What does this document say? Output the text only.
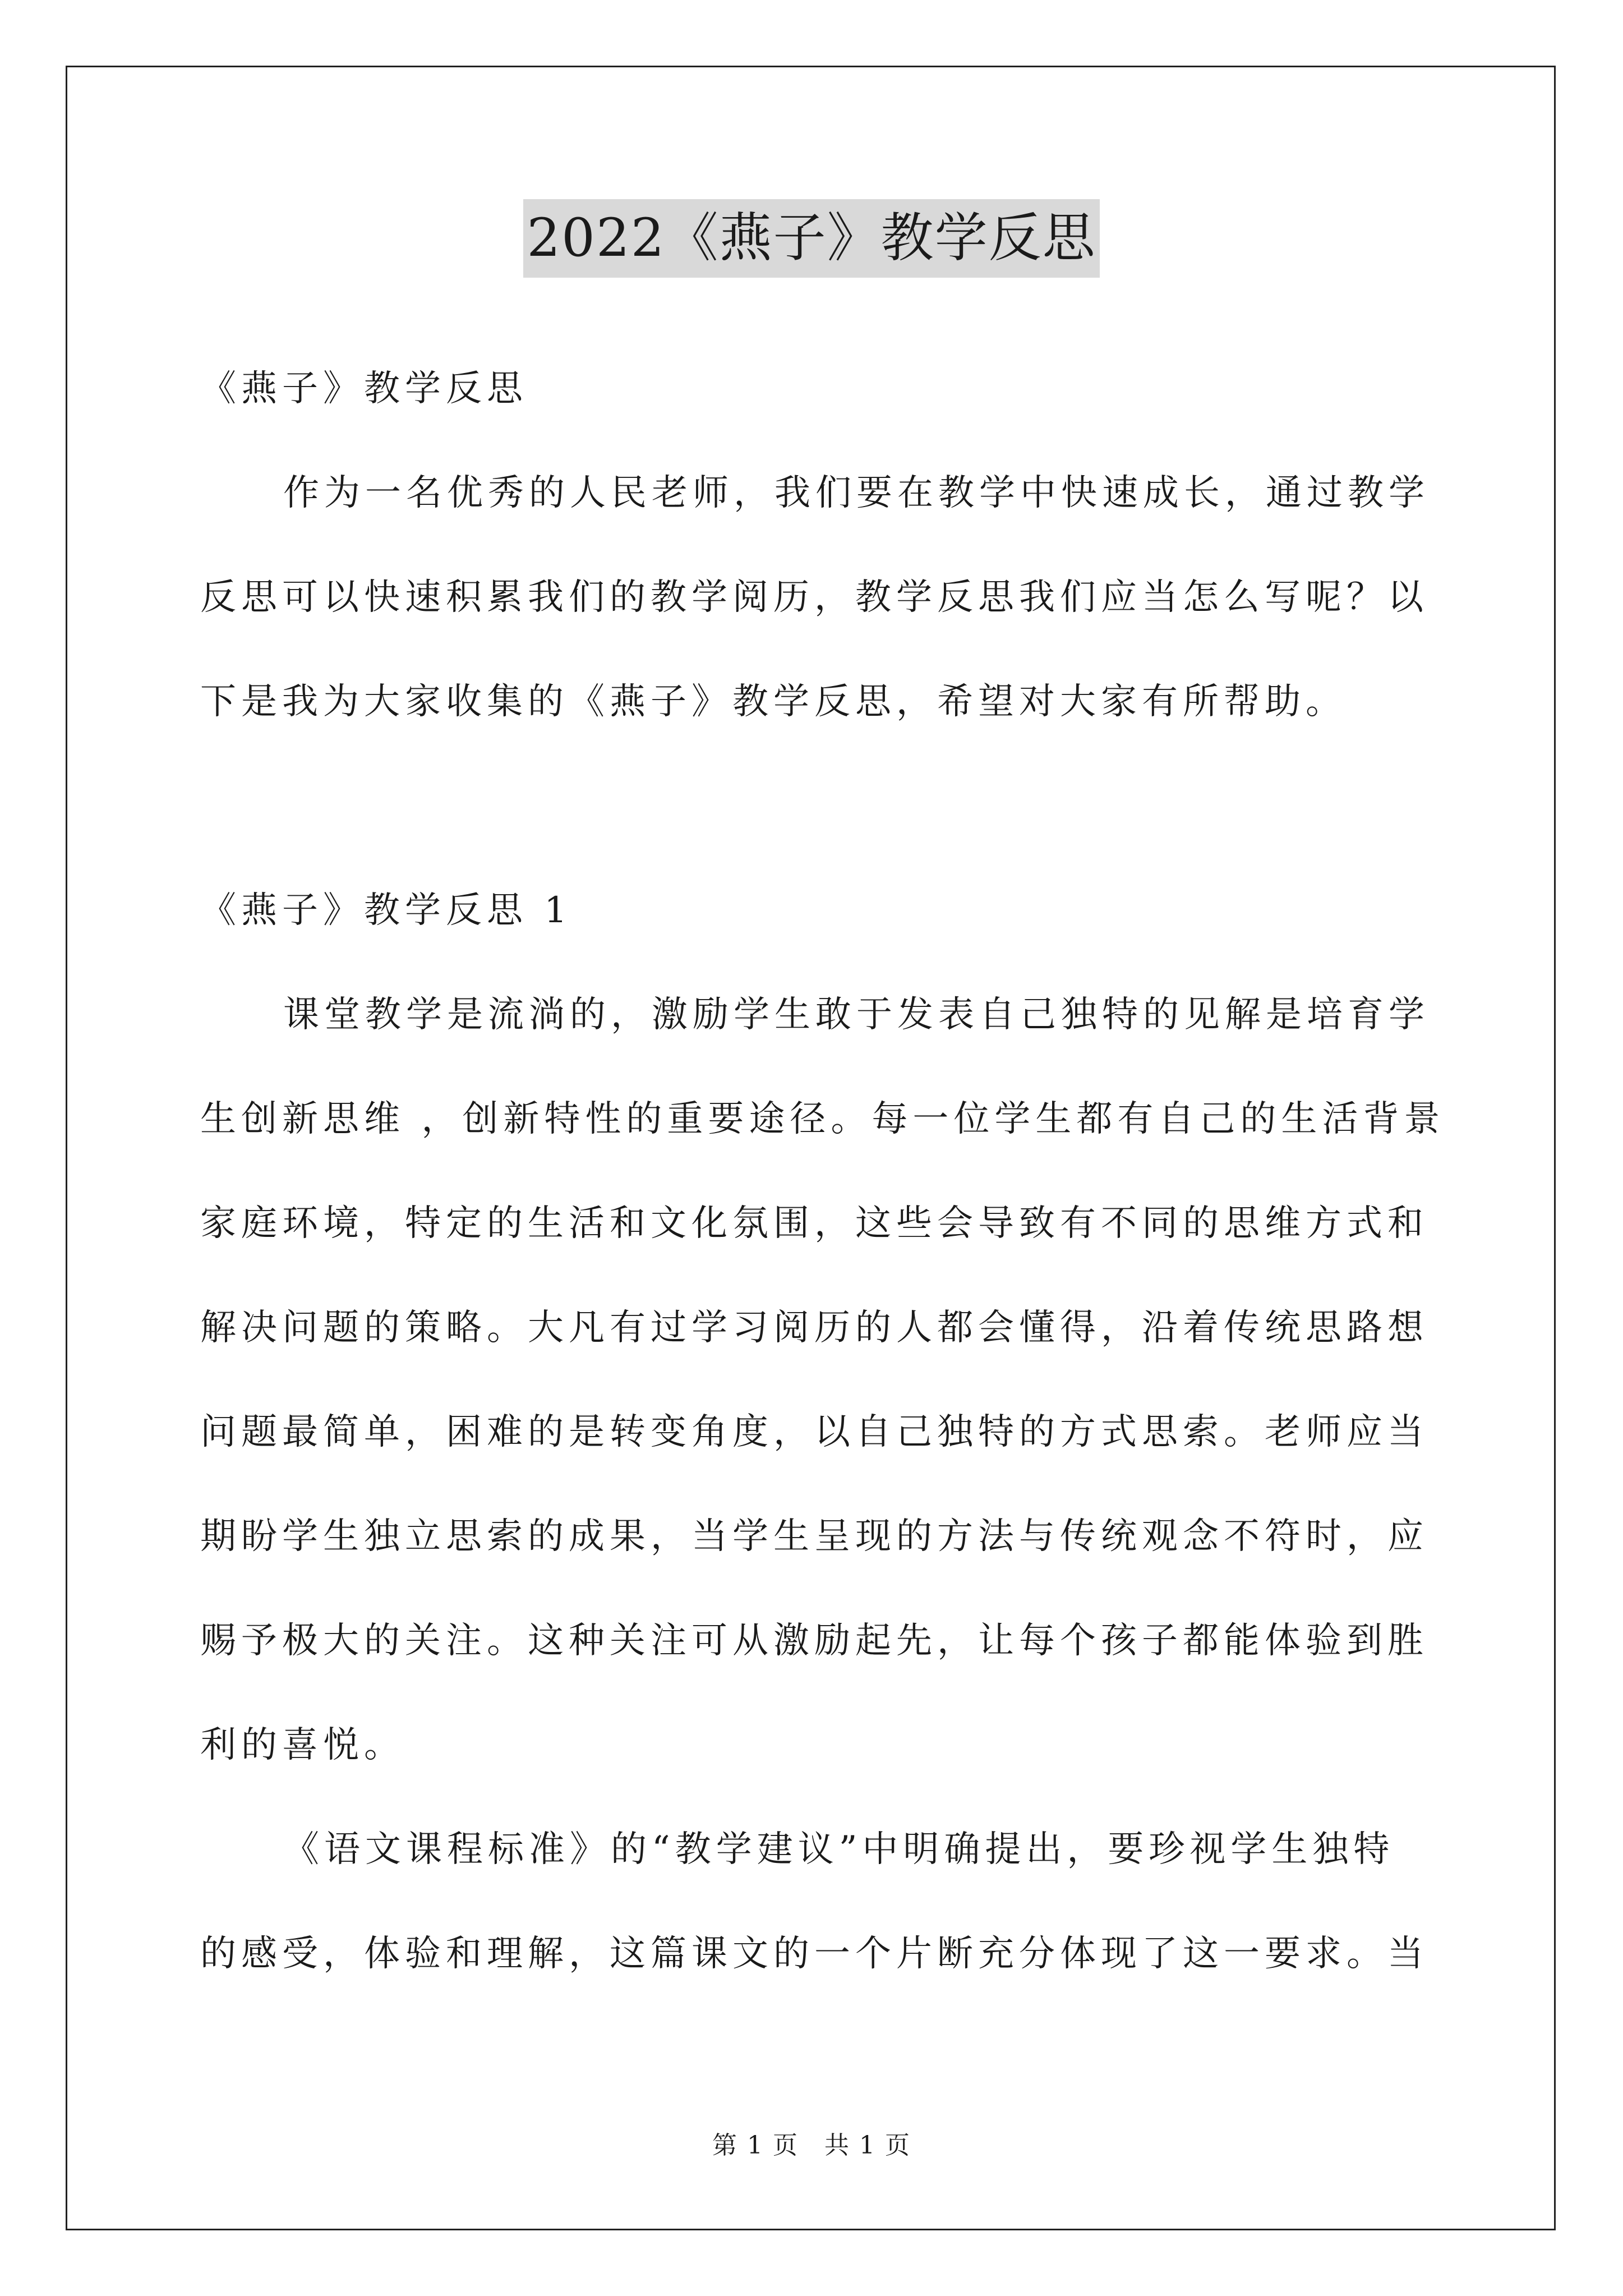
2022《燕子》教学反思
《燕子》教学反思
作为一名优秀的人民老师，我们要在教学中快速成长，通过教学
反思可以快速积累我们的教学阅历，教学反思我们应当怎么写呢？以
下是我为大家收集的《燕子》教学反思，希望对大家有所帮助。
《燕子》教学反思 1
课堂教学是流淌的，激励学生敢于发表自己独特的见解是培育学
生创新思维 ，创新特性的重要途径。每一位学生都有自己的生活背景
家庭环境，特定的生活和文化氛围，这些会导致有不同的思维方式和
解决问题的策略。大凡有过学习阅历的人都会懂得，沿着传统思路想
问题最简单，困难的是转变角度，以自己独特的方式思索。老师应当
期盼学生独立思索的成果，当学生呈现的方法与传统观念不符时，应
赐予极大的关注。这种关注可从激励起先，让每个孩子都能体验到胜
利的喜悦。
《语文课程标准》的“教学建议”中明确提出，要珍视学生独特
的感受，体验和理解，这篇课文的一个片断充分体现了这一要求。当
第 1 页　共 1 页
